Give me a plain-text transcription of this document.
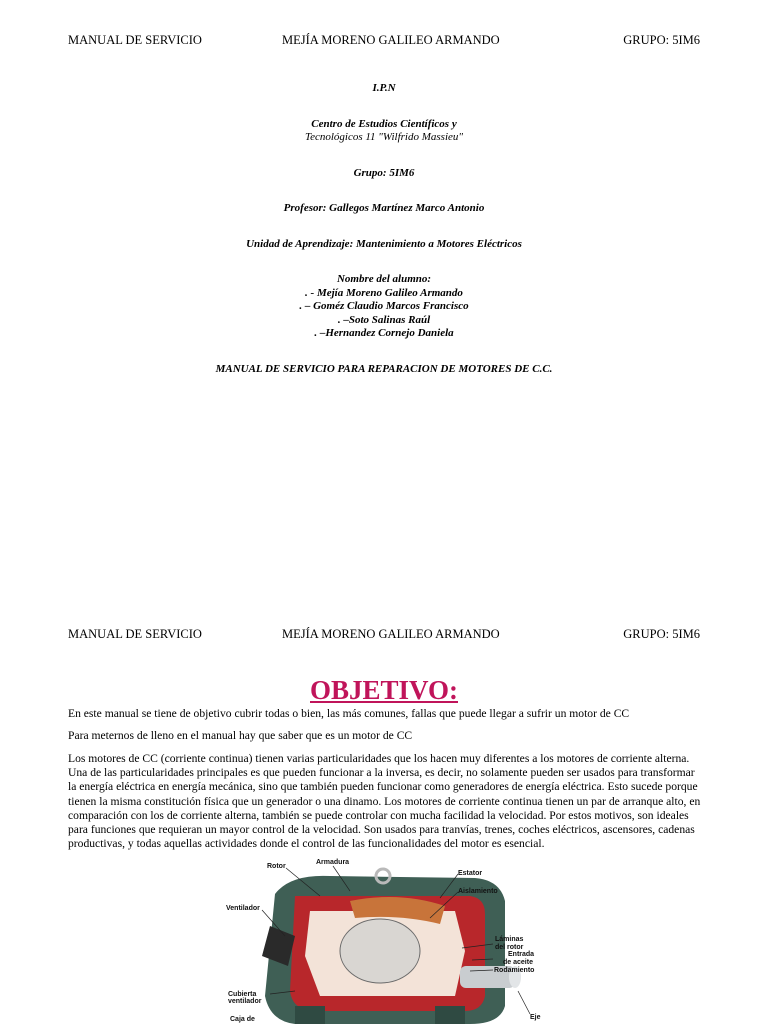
MANUAL DE SERVICIO	MEJÍA MORENO GALILEO ARMANDO	GRUPO: 5IM6

I.P.N

Centro de Estudios Científicos y

Tecnológicos 11 "Wilfrido Massieu"

Grupo: 5IM6

Profesor: Gallegos Martínez Marco Antonio

Unidad de Aprendizaje: Mantenimiento a Motores Eléctricos

Nombre del alumno:

. - Mejía Moreno Galileo Armando

. – Goméz Claudio Marcos Francisco

. –Soto Salinas Raúl

. –Hernandez Cornejo Daniela

MANUAL DE SERVICIO PARA REPARACION DE MOTORES DE C.C.

MANUAL DE SERVICIO	MEJÍA MORENO GALILEO ARMANDO	GRUPO: 5IM6
OBJETIVO:

En este manual se tiene de objetivo cubrir todas o bien, las más comunes, fallas que puede llegar a sufrir un motor de CC

Para meternos de lleno en el manual hay que saber que es un motor de CC

Los motores de CC (corriente continua) tienen varias particularidades que los hacen muy diferentes a los motores de corriente alterna. Una de las particularidades principales es que pueden funcionar a la inversa, es decir, no solamente pueden ser usados para transformar la energía eléctrica en energía mecánica, sino que también pueden funcionar como generadores de energía eléctrica. Esto sucede porque tienen la misma constitución física que un generador o una dinamo. Los motores de corriente continua tienen un par de arranque alto, en comparación con los de corriente alterna, también se puede controlar con mucha facilidad la velocidad. Por estos motivos, son ideales para funciones que requieran un mayor control de la velocidad. Son usados para tranvías, trenes, coches eléctricos, ascensores, cadenas productivas, y todas aquellas actividades donde el control de las funcionalidades del motor es esencial.

Rotor
Armadura
Estator
Aislamiento
Ventilador
Láminas
del rotor
Entrada
de aceite
Rodamiento
Cubierta
ventilador
Caja de	Eje
